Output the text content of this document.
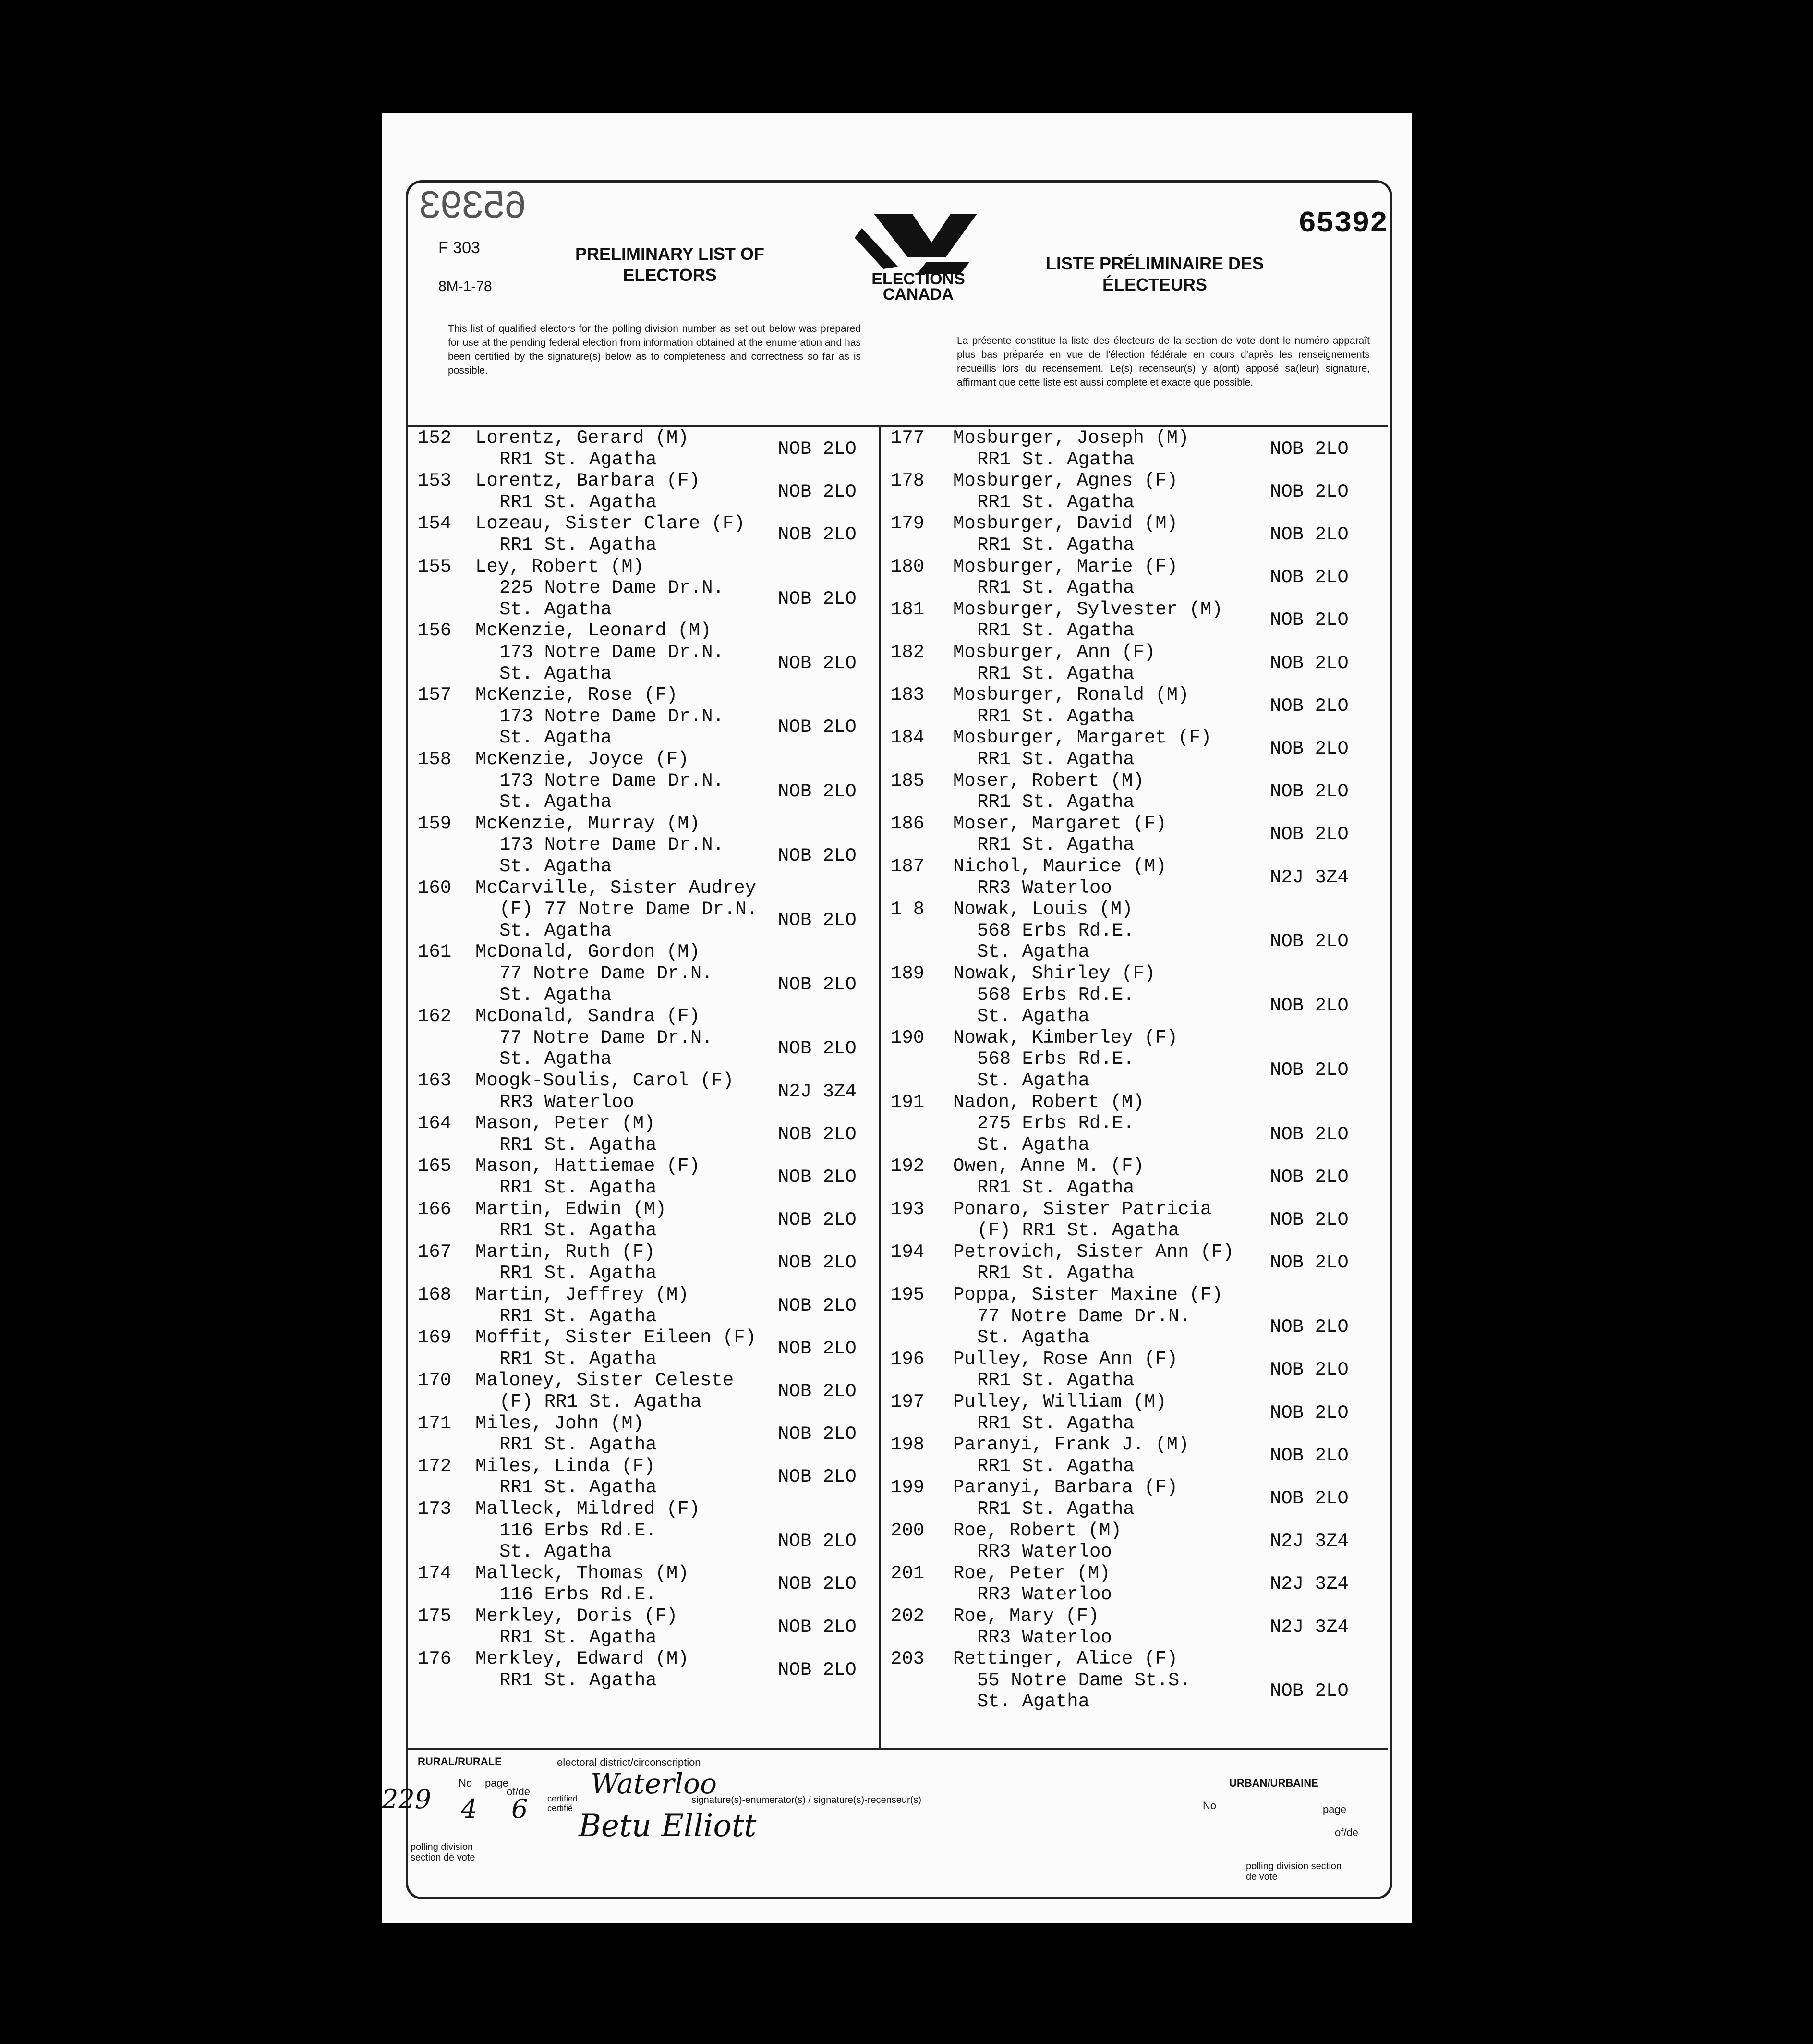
65393	65392
F 303
8M-1-78
PRELIMINARY LIST OF ELECTORS
LISTE PRÉLIMINAIRE DES ÉLECTEURS
ELECTIONS
CANADA
This list of qualified electors for the polling division number as set out below was prepared for use at the pending federal election from information obtained at the enumeration and has been certified by the signature(s) below as to completeness and correctness so far as is possible.
La présente constitue la liste des électeurs de la section de vote dont le numéro apparaît plus bas préparée en vue de l'élection fédérale en cours d'après les renseignements recueillis lors du recensement. Le(s) recenseur(s) y a(ont) apposé sa(leur) signature, affirmant que cette liste est aussi complète et exacte que possible.
152	Lorentz, Gerard (M)
RR1 St. Agatha	NOB 2LO
153	Lorentz, Barbara (F)
RR1 St. Agatha	NOB 2LO
154	Lozeau, Sister Clare (F)
RR1 St. Agatha	NOB 2LO
155	Ley, Robert (M)
225 Notre Dame Dr.N.
St. Agatha	NOB 2LO
156	McKenzie, Leonard (M)
173 Notre Dame Dr.N.
St. Agatha	NOB 2LO
157	McKenzie, Rose (F)
173 Notre Dame Dr.N.
St. Agatha	NOB 2LO
158	McKenzie, Joyce (F)
173 Notre Dame Dr.N.
St. Agatha	NOB 2LO
159	McKenzie, Murray (M)
173 Notre Dame Dr.N.
St. Agatha	NOB 2LO
160	McCarville, Sister Audrey
(F) 77 Notre Dame Dr.N.
St. Agatha	NOB 2LO
161	McDonald, Gordon (M)
77 Notre Dame Dr.N.
St. Agatha	NOB 2LO
162	McDonald, Sandra (F)
77 Notre Dame Dr.N.
St. Agatha	NOB 2LO
163	Moogk-Soulis, Carol (F)
RR3 Waterloo	N2J 3Z4
164	Mason, Peter (M)
RR1 St. Agatha	NOB 2LO
165	Mason, Hattiemae (F)
RR1 St. Agatha	NOB 2LO
166	Martin, Edwin (M)
RR1 St. Agatha	NOB 2LO
167	Martin, Ruth (F)
RR1 St. Agatha	NOB 2LO
168	Martin, Jeffrey (M)
RR1 St. Agatha	NOB 2LO
169	Moffit, Sister Eileen (F)
RR1 St. Agatha	NOB 2LO
170	Maloney, Sister Celeste
(F) RR1 St. Agatha	NOB 2LO
171	Miles, John (M)
RR1 St. Agatha	NOB 2LO
172	Miles, Linda (F)
RR1 St. Agatha	NOB 2LO
173	Malleck, Mildred (F)
116 Erbs Rd.E.
St. Agatha	NOB 2LO
174	Malleck, Thomas (M)
116 Erbs Rd.E.	NOB 2LO
175	Merkley, Doris (F)
RR1 St. Agatha	NOB 2LO
176	Merkley, Edward (M)
RR1 St. Agatha	NOB 2LO
177	Mosburger, Joseph (M)
RR1 St. Agatha	NOB 2LO
178	Mosburger, Agnes (F)
RR1 St. Agatha	NOB 2LO
179	Mosburger, David (M)
RR1 St. Agatha	NOB 2LO
180	Mosburger, Marie (F)
RR1 St. Agatha	NOB 2LO
181	Mosburger, Sylvester (M)
RR1 St. Agatha	NOB 2LO
182	Mosburger, Ann (F)
RR1 St. Agatha	NOB 2LO
183	Mosburger, Ronald (M)
RR1 St. Agatha	NOB 2LO
184	Mosburger, Margaret (F)
RR1 St. Agatha	NOB 2LO
185	Moser, Robert (M)
RR1 St. Agatha	NOB 2LO
186	Moser, Margaret (F)
RR1 St. Agatha	NOB 2LO
187	Nichol, Maurice (M)
RR3 Waterloo	N2J 3Z4
1 8	Nowak, Louis (M)
568 Erbs Rd.E.
St. Agatha	NOB 2LO
189	Nowak, Shirley (F)
568 Erbs Rd.E.
St. Agatha	NOB 2LO
190	Nowak, Kimberley (F)
568 Erbs Rd.E.
St. Agatha	NOB 2LO
191	Nadon, Robert (M)
275 Erbs Rd.E.
St. Agatha	NOB 2LO
192	Owen, Anne M. (F)
RR1 St. Agatha	NOB 2LO
193	Ponaro, Sister Patricia
(F) RR1 St. Agatha	NOB 2LO
194	Petrovich, Sister Ann (F)
RR1 St. Agatha	NOB 2LO
195	Poppa, Sister Maxine (F)
77 Notre Dame Dr.N.
St. Agatha	NOB 2LO
196	Pulley, Rose Ann (F)
RR1 St. Agatha	NOB 2LO
197	Pulley, William (M)
RR1 St. Agatha	NOB 2LO
198	Paranyi, Frank J. (M)
RR1 St. Agatha	NOB 2LO
199	Paranyi, Barbara (F)
RR1 St. Agatha	NOB 2LO
200	Roe, Robert (M)
RR3 Waterloo	N2J 3Z4
201	Roe, Peter (M)
RR3 Waterloo	N2J 3Z4
202	Roe, Mary (F)
RR3 Waterloo	N2J 3Z4
203	Rettinger, Alice (F)
55 Notre Dame St.S.
St. Agatha	NOB 2LO
RURAL/RURALE	electoral district/circonscription
Waterloo
No page
of/de
229 4 6 certified certifié
signature(s)-enumerator(s) / signature(s)-recenseur(s)
Betu Elliott
polling division section de vote
URBAN/URBAINE
No	page
of/de
polling division section de vote
